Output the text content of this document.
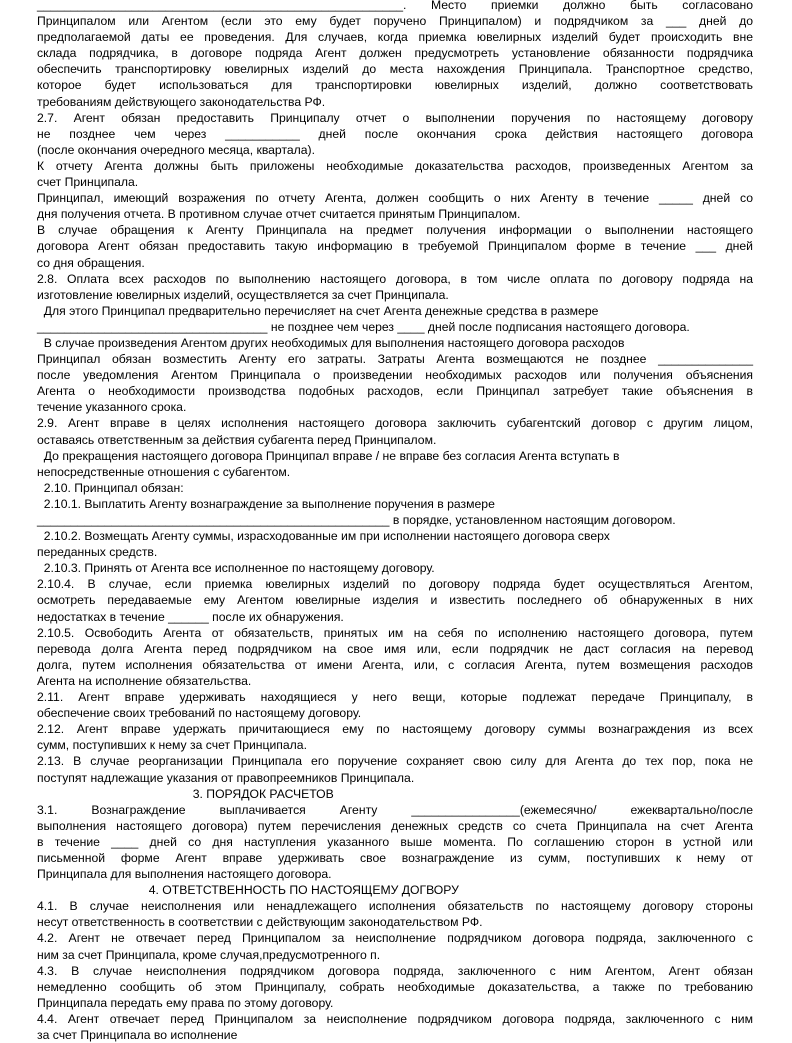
______________________________________________________. Место приемки должно быть согласовано
Принципалом или Агентом (если это ему будет поручено Принципалом) и подрядчиком за ___ дней до
предполагаемой даты ее проведения. Для случаев, когда приемка ювелирных изделий будет происходить вне
склада подрядчика, в договоре подряда Агент должен предусмотреть установление обязанности подрядчика
обеспечить транспортировку ювелирных изделий до места нахождения Принципала. Транспортное средство,
которое будет использоваться для транспортировки ювелирных изделий, должно соответствовать
требованиям действующего законодательства РФ.
2.7. Агент обязан предоставить Принципалу отчет о выполнении поручения по настоящему договору
не позднее чем через ___________ дней после окончания срока действия настоящего договора
(после окончания очередного месяца, квартала).
К отчету Агента должны быть приложены необходимые доказательства расходов, произведенных Агентом за
счет Принципала.
Принципал, имеющий возражения по отчету Агента, должен сообщить о них Агенту в течение _____ дней со
дня получения отчета. В противном случае отчет считается принятым Принципалом.
В случае обращения к Агенту Принципала на предмет получения информации о выполнении настоящего
договора Агент обязан предоставить такую информацию в требуемой Принципалом форме в течение ___ дней
со дня обращения.
2.8. Оплата всех расходов по выполнению настоящего договора, в том числе оплата по договору подряда на
изготовление ювелирных изделий, осуществляется за счет Принципала.
Для этого Принципал предварительно перечисляет на счет Агента денежные средства в размере
__________________________________ не позднее чем через ____ дней после подписания настоящего договора.
В случае произведения Агентом других необходимых для выполнения настоящего договора расходов
Принципал обязан возместить Агенту его затраты. Затраты Агента возмещаются не позднее ______________
после уведомления Агентом Принципала о произведении необходимых расходов или получения объяснения
Агента о необходимости производства подобных расходов, если Принципал затребует такие объяснения в
течение указанного срока.
2.9. Агент вправе в целях исполнения настоящего договора заключить субагентский договор с другим лицом,
оставаясь ответственным за действия субагента перед Принципалом.
До прекращения настоящего договора Принципал вправе / не вправе без согласия Агента вступать в
непосредственные отношения с субагентом.
2.10. Принципал обязан:
2.10.1. Выплатить Агенту вознаграждение за выполнение поручения в размере
____________________________________________________ в порядке, установленном настоящим договором.
2.10.2. Возмещать Агенту суммы, израсходованные им при исполнении настоящего договора сверх
переданных средств.
2.10.3. Принять от Агента все исполненное по настоящему договору.
2.10.4. В случае, если приемка ювелирных изделий по договору подряда будет осуществляться Агентом,
осмотреть передаваемые ему Агентом ювелирные изделия и известить последнего об обнаруженных в них
недостатках в течение ______ после их обнаружения.
2.10.5. Освободить Агента от обязательств, принятых им на себя по исполнению настоящего договора, путем
перевода долга Агента перед подрядчиком на свое имя или, если подрядчик не даст согласия на перевод
долга, путем исполнения обязательства от имени Агента, или, с согласия Агента, путем возмещения расходов
Агента на исполнение обязательства.
2.11. Агент вправе удерживать находящиеся у него вещи, которые подлежат передаче Принципалу, в
обеспечение своих требований по настоящему договору.
2.12. Агент вправе удержать причитающиеся ему по настоящему договору суммы вознаграждения из всех
сумм, поступивших к нему за счет Принципала.
2.13. В случае реорганизации Принципала его поручение сохраняет свою силу для Агента до тех пор, пока не
поступят надлежащие указания от правопреемников Принципала.
3. ПОРЯДОК РАСЧЕТОВ
3.1. Вознаграждение выплачивается Агенту ________________(ежемесячно/ ежеквартально/после
выполнения настоящего договора) путем перечисления денежных средств со счета Принципала на счет Агента
в течение ____ дней со дня наступления указанного выше момента. По соглашению сторон в устной или
письменной форме Агент вправе удерживать свое вознаграждение из сумм, поступивших к нему от
Принципала для выполнения настоящего договора.
4. ОТВЕТСТВЕННОСТЬ ПО НАСТОЯЩЕМУ ДОГВОРУ
4.1. В случае неисполнения или ненадлежащего исполнения обязательств по настоящему договору стороны
несут ответственность в соответствии с действующим законодательством РФ.
4.2. Агент не отвечает перед Принципалом за неисполнение подрядчиком договора подряда, заключенного с
ним за счет Принципала, кроме случая,предусмотренного п.
4.3. В случае неисполнения подрядчиком договора подряда, заключенного с ним Агентом, Агент обязан
немедленно сообщить об этом Принципалу, собрать необходимые доказательства, а также по требованию
Принципала передать ему права по этому договору.
4.4. Агент отвечает перед Принципалом за неисполнение подрядчиком договора подряда, заключенного с ним
за счет Принципала во исполнение
